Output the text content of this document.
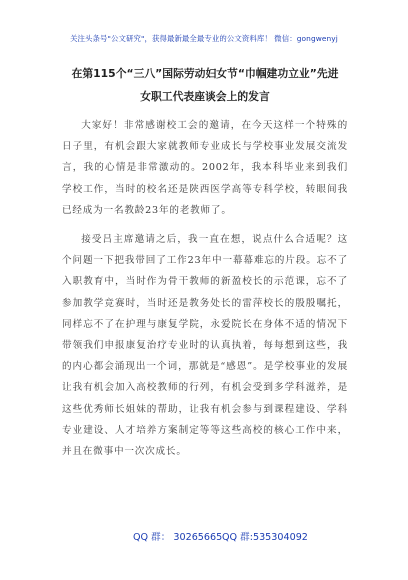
关注头条号"公文研究"，获得最新最全最专业的公文资料库！ 微信：gongwenyj
在第115个“三八”国际劳动妇女节“巾帼建功立业”先进
女职工代表座谈会上的发言
大家好！非常感谢校工会的邀请，在今天这样一个特殊的日子里，有机会跟大家就教师专业成长与学校事业发展交流发言，我的心情是非常激动的。2002年，我本科毕业来到我们学校工作，当时的校名还是陕西医学高等专科学校，转眼间我已经成为一名教龄23年的老教师了。
接受吕主席邀请之后，我一直在想，说点什么合适呢？这个问题一下把我带回了工作23年中一幕幕难忘的片段。忘不了入职教育中，当时作为骨干教师的新盈校长的示范课，忘不了参加教学竞赛时，当时还是教务处长的雷萍校长的殷殷嘱托，同样忘不了在护理与康复学院，永爱院长在身体不适的情况下带领我们申报康复治疗专业时的认真执着，每每想到这些，我的内心都会涌现出一个词，那就是“感恩”。是学校事业的发展让我有机会加入高校教师的行列，有机会受到多学科滋养，是这些优秀师长姐妹的帮助，让我有机会参与到课程建设、学科专业建设、人才培养方案制定等等这些高校的核心工作中来，并且在微事中一次次成长。
QQ 群： 30265665 QQ 群:535304092
